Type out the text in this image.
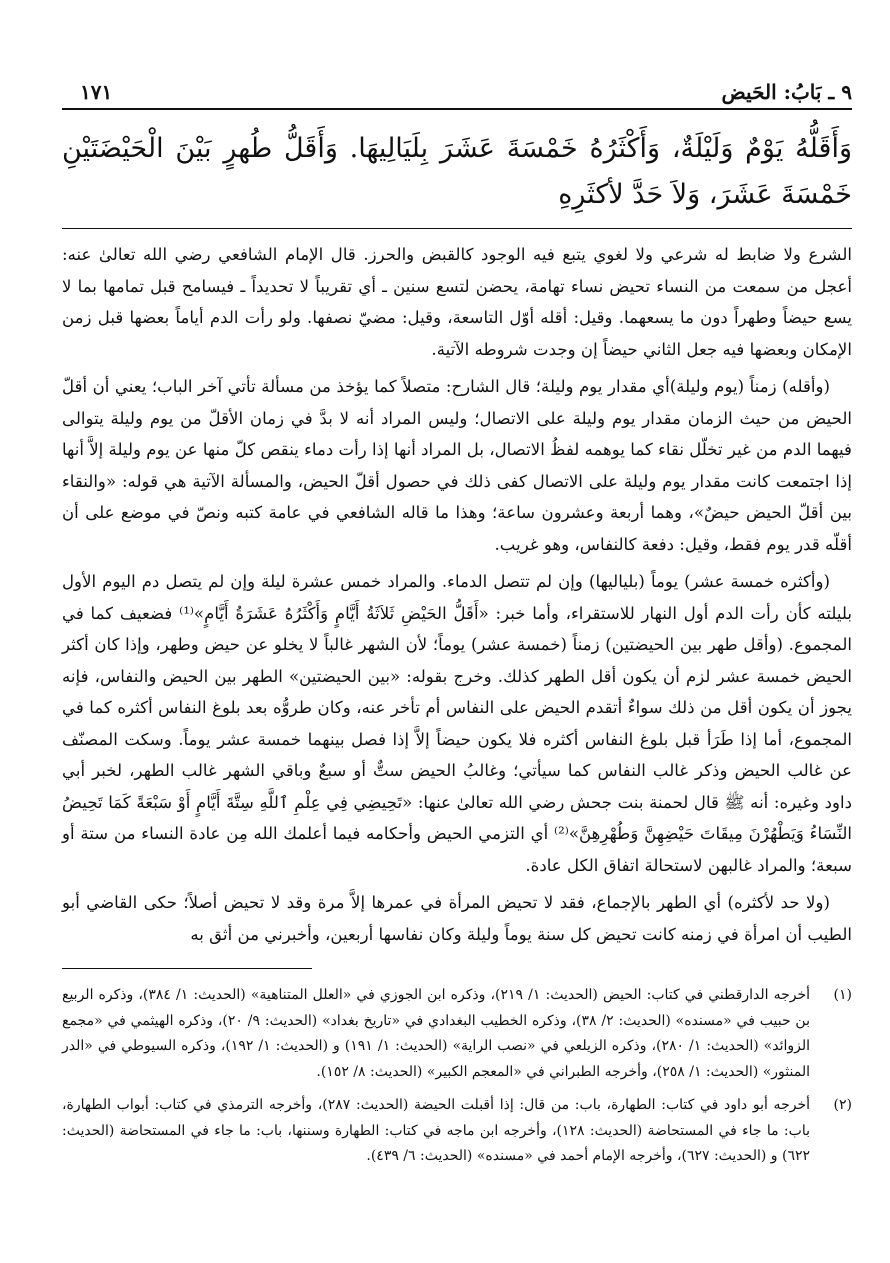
٩ ـ بَابُ: الحَيض
١٧١
وَأَقَلُّهُ يَوْمٌ وَلَيْلَةٌ، وَأَكْثَرُهُ خَمْسَةَ عَشَرَ بِلَيَالِيهَا. وَأَقَلُّ طُهرٍ بَيْنَ الْحَيْضَتَيْنِ خَمْسَةَ عَشَرَ، وَلاَ حَدَّ لأكثَرِهِ

الشرع ولا ضابط له شرعي ولا لغوي يتبع فيه الوجود كالقبض والحرز. قال الإمام الشافعي رضي الله تعالىٰ عنه: أعجل من سمعت من النساء تحيض نساء تهامة، يحضن لتسع سنين ـ أي تقريباً لا تحديداً ـ فيسامح قبل تمامها بما لا يسع حيضاً وطهراً دون ما يسعهما. وقيل: أقله أوّل التاسعة، وقيل: مضيّ نصفها. ولو رأت الدم أياماً بعضها قبل زمن الإمكان وبعضها فيه جعل الثاني حيضاً إن وجدت شروطه الآتية.

(وأقله) زمناً (يوم وليلة)أي مقدار يوم وليلة؛ قال الشارح: متصلاً كما يؤخذ من مسألة تأتي آخر الباب؛ يعني أن أقلّ الحيض من حيث الزمان مقدار يوم وليلة على الاتصال؛ وليس المراد أنه لا بدَّ في زمان الأقلّ من يوم وليلة يتوالى فيهما الدم من غير تخلّل نقاء كما يوهمه لفظُ الاتصال، بل المراد أنها إذا رأت دماء ينقص كلّ منها عن يوم وليلة إلاَّ أنها إذا اجتمعت كانت مقدار يوم وليلة على الاتصال كفى ذلك في حصول أقلّ الحيض، والمسألة الآتية هي قوله: «والنقاء بين أقلّ الحيض حيضٌ»، وهما أربعة وعشرون ساعة؛ وهذا ما قاله الشافعي في عامة كتبه ونصّ في موضع على أن أقلّه قدر يوم فقط، وقيل: دفعة كالنفاس، وهو غريب.

(وأكثره خمسة عشر) يوماً (بلياليها) وإن لم تتصل الدماء. والمراد خمس عشرة ليلة وإن لم يتصل دم اليوم الأول بليلته كأن رأت الدم أول النهار للاستقراء، وأما خبر: «أَقَلُّ الحَيْضِ ثَلاَثَةُ أَيَّامٍ وَأَكْثَرُهُ عَشَرَةُ أَيَّامٍ»⁽¹⁾ فضعيف كما في المجموع. (وأقل طهر بين الحيضتين) زمناً (خمسة عشر) يوماً؛ لأن الشهر غالباً لا يخلو عن حيض وطهر، وإذا كان أكثر الحيض خمسة عشر لزم أن يكون أقل الطهر كذلك. وخرج بقوله: «بين الحيضتين» الطهر بين الحيض والنفاس، فإنه يجوز أن يكون أقل من ذلك سواءٌ أتقدم الحيض على النفاس أم تأخر عنه، وكان طروُّه بعد بلوغ النفاس أكثره كما في المجموع، أما إذا طَرَأ قبل بلوغ النفاس أكثره فلا يكون حيضاً إلاَّ إذا فصل بينهما خمسة عشر يوماً. وسكت المصنّف عن غالب الحيض وذكر غالب النفاس كما سيأتي؛ وغالبُ الحيض ستٌّ أو سبعٌ وباقي الشهر غالب الطهر، لخبر أبي داود وغيره: أنه ﷺ قال لحمنة بنت جحش رضي الله تعالىٰ عنها: «تَحِيضِي فِي عِلْمِ ٱللَّهِ سِتَّةَ أَيَّامٍ أَوْ سَبْعَةً كَمَا تَحِيضُ النِّسَاءُ وَيَطْهُرْنَ مِيقَاتَ حَيْضِهِنَّ وَطُهْرِهِنَّ»⁽²⁾ أي التزمي الحيض وأحكامه فيما أعلمك الله مِن عادة النساء من ستة أو سبعة؛ والمراد غالبهن لاستحالة اتفاق الكل عادة.

(ولا حد لأكثره) أي الطهر بالإجماع، فقد لا تحيض المرأة في عمرها إلاَّ مرة وقد لا تحيض أصلاً؛ حكى القاضي أبو الطيب أن امرأة في زمنه كانت تحيض كل سنة يوماً وليلة وكان نفاسها أربعين، وأخبرني من أثق به

(١)
أخرجه الدارقطني في كتاب: الحيض (الحديث: ١/ ٢١٩)، وذكره ابن الجوزي في «العلل المتناهية» (الحديث: ١/ ٣٨٤)، وذكره الربيع بن حبيب في «مسنده» (الحديث: ٢/ ٣٨)، وذكره الخطيب البغدادي في «تاريخ بغداد» (الحديث: ٩/ ٢٠)، وذكره الهيثمي في «مجمع الزوائد» (الحديث: ١/ ٢٨٠)، وذكره الزيلعي في «نصب الراية» (الحديث: ١/ ١٩١) و (الحديث: ١/ ١٩٢)، وذكره السيوطي في «الدر المنثور» (الحديث: ١/ ٢٥٨)، وأخرجه الطبراني في «المعجم الكبير» (الحديث: ٨/ ١٥٢).
(٢)
أخرجه أبو داود في كتاب: الطهارة، باب: من قال: إذا أقبلت الحيضة (الحديث: ٢٨٧)، وأخرجه الترمذي في كتاب: أبواب الطهارة، باب: ما جاء في المستحاضة (الحديث: ١٢٨)، وأخرجه ابن ماجه في كتاب: الطهارة وسننها، باب: ما جاء في المستحاضة (الحديث: ٦٢٢) و (الحديث: ٦٢٧)، وأخرجه الإمام أحمد في «مسنده» (الحديث: ٦/ ٤٣٩).
